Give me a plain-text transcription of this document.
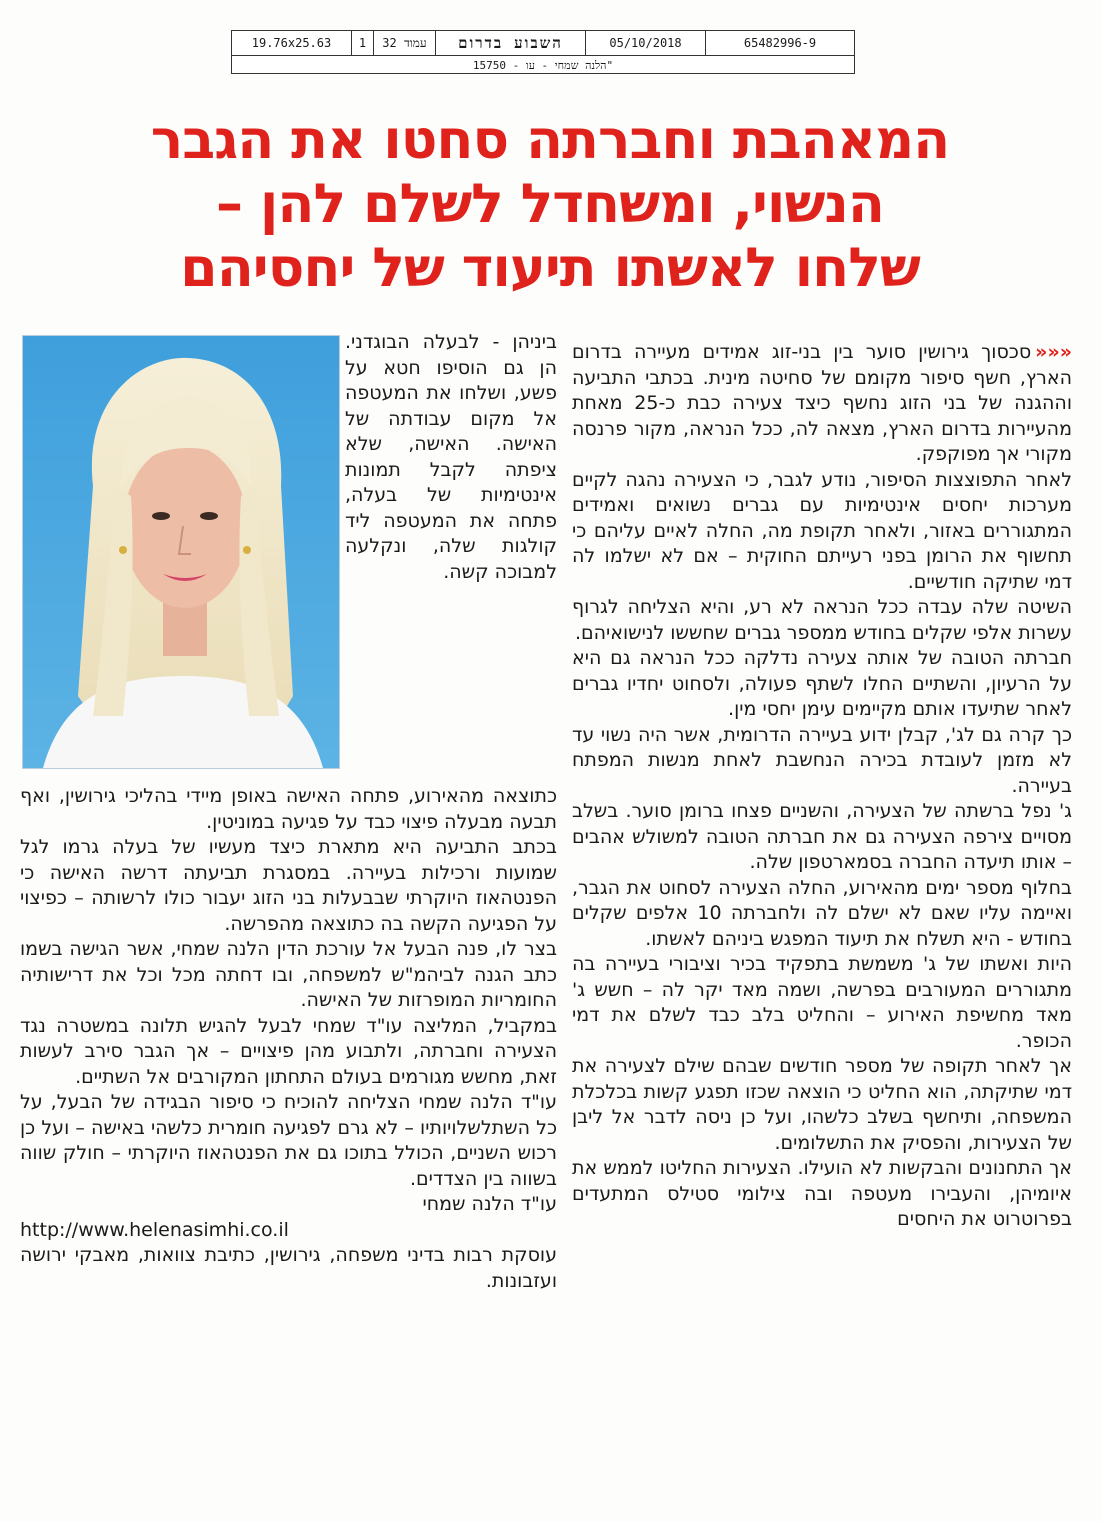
19.76x25.63	1	עמוד 32	השבוע בדרום	05/10/2018	65482996-9
"הלנה שמחי - עו - 15750
המאהבת וחברתה סחטו את הגבר
הנשוי, ומשחדל לשלם להן –
שלחו לאשתו תיעוד של יחסיהם

«««סכסוך גירושין סוער בין בני-זוג אמידים מעיירה בדרום הארץ, חשף סיפור מקומם של סחיטה מינית. בכתבי התביעה וההגנה של בני הזוג נחשף כיצד צעירה כבת כ-25 מאחת מהעיירות בדרום הארץ, מצאה לה, ככל הנראה, מקור פרנסה מקורי אך מפוקפק.

לאחר התפוצצות הסיפור, נודע לגבר, כי הצעירה נהגה לקיים מערכות יחסים אינטימיות עם גברים נשואים ואמידים המתגוררים באזור, ולאחר תקופת מה, החלה לאיים עליהם כי תחשוף את הרומן בפני רעייתם החוקית – אם לא ישלמו לה דמי שתיקה חודשיים.

השיטה שלה עבדה ככל הנראה לא רע, והיא הצליחה לגרוף עשרות אלפי שקלים בחודש ממספר גברים שחששו לנישואיהם.

חברתה הטובה של אותה צעירה נדלקה ככל הנראה גם היא על הרעיון, והשתיים החלו לשתף פעולה, ולסחוט יחדיו גברים לאחר שתיעדו אותם מקיימים עימן יחסי מין.

כך קרה גם לג', קבלן ידוע בעיירה הדרומית, אשר היה נשוי עד לא מזמן לעובדת בכירה הנחשבת לאחת מנשות המפתח בעיירה.

ג' נפל ברשתה של הצעירה, והשניים פצחו ברומן סוער. בשלב מסויים צירפה הצעירה גם את חברתה הטובה למשולש אהבים – אותו תיעדה החברה בסמארטפון שלה.

בחלוף מספר ימים מהאירוע, החלה הצעירה לסחוט את הגבר, ואיימה עליו שאם לא ישלם לה ולחברתה 10 אלפים שקלים בחודש - היא תשלח את תיעוד המפגש ביניהם לאשתו.

היות ואשתו של ג' משמשת בתפקיד בכיר וציבורי בעיירה בה מתגוררים המעורבים בפרשה, ושמה מאד יקר לה – חשש ג' מאד מחשיפת האירוע – והחליט בלב כבד לשלם את דמי הכופר.

אך לאחר תקופה של מספר חודשים שבהם שילם לצעירה את דמי שתיקתה, הוא החליט כי הוצאה שכזו תפגע קשות בכלכלת המשפחה, ותיחשף בשלב כלשהו, ועל כן ניסה לדבר אל ליבן של הצעירות, והפסיק את התשלומים.

אך התחנונים והבקשות לא הועילו. הצעירות החליטו לממש את איומיהן, והעבירו מעטפה ובה צילומי סטילס המתעדים בפרוטרוט את היחסים

ביניהן - לבעלה הבוגדני. הן גם הוסיפו חטא על פשע, ושלחו את המעטפה אל מקום עבודתה של האישה. האישה, שלא ציפתה לקבל תמונות אינטימיות של בעלה, פתחה את המעטפה ליד קולגות שלה, ונקלעה למבוכה קשה.

כתוצאה מהאירוע, פתחה האישה באופן מיידי בהליכי גירושין, ואף תבעה מבעלה פיצוי כבד על פגיעה במוניטין.

בכתב התביעה היא מתארת כיצד מעשיו של בעלה גרמו לגל שמועות ורכילות בעיירה. במסגרת תביעתה דרשה האישה כי הפנטהאוז היוקרתי שבבעלות בני הזוג יעבור כולו לרשותה – כפיצוי על הפגיעה הקשה בה כתוצאה מהפרשה.

בצר לו, פנה הבעל אל עורכת הדין הלנה שמחי, אשר הגישה בשמו כתב הגנה לביהמ"ש למשפחה, ובו דחתה מכל וכל את דרישותיה החומריות המופרזות של האישה.

במקביל, המליצה עו"ד שמחי לבעל להגיש תלונה במשטרה נגד הצעירה וחברתה, ולתבוע מהן פיצויים – אך הגבר סירב לעשות זאת, מחשש מגורמים בעולם התחתון המקורבים אל השתיים.

עו"ד הלנה שמחי הצליחה להוכיח כי סיפור הבגידה של הבעל, על כל השתלשלויותיו – לא גרם לפגיעה חומרית כלשהי באישה – ועל כן רכוש השניים, הכולל בתוכו גם את הפנטהאוז היוקרתי – חולק שווה בשווה בין הצדדים.

עו"ד הלנה שמחי

http://www.helenasimhi.co.il

עוסקת רבות בדיני משפחה, גירושין, כתיבת צוואות, מאבקי ירושה ועזבונות.
